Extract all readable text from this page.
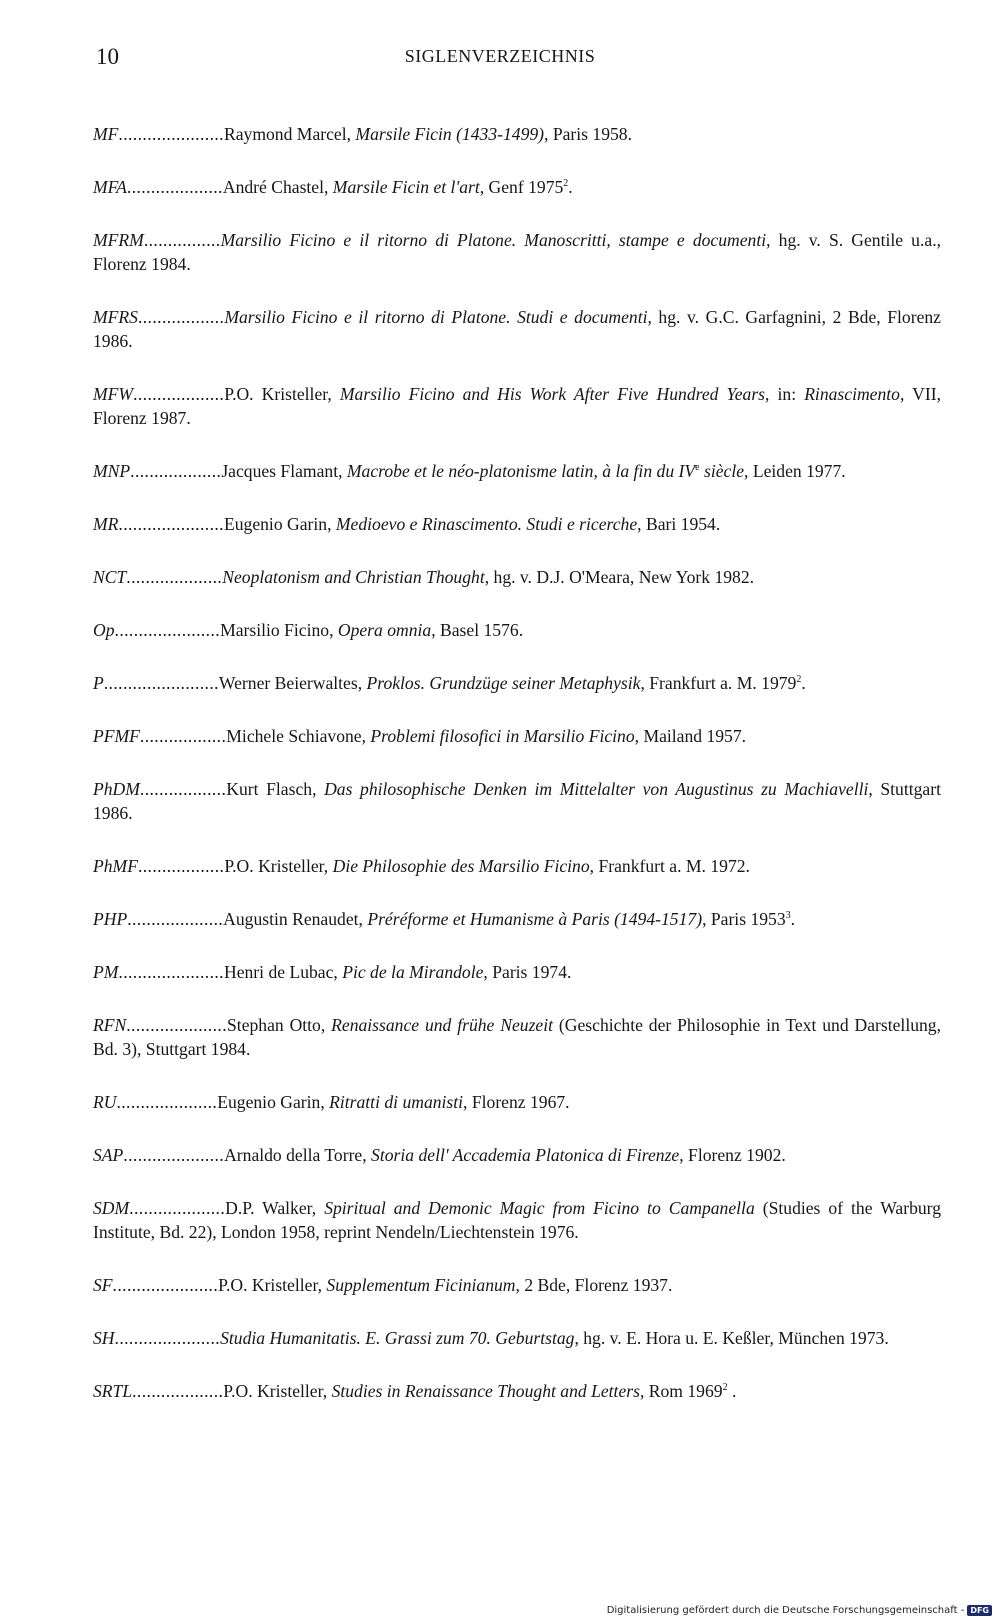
10	SIGLENVERZEICHNIS
MF......................Raymond Marcel, Marsile Ficin (1433-1499), Paris 1958.
MFA....................André Chastel, Marsile Ficin et l'art, Genf 1975$^2$.
MFRM................Marsilio Ficino e il ritorno di Platone. Manoscritti, stampe e documenti, hg. v. S. Gentile u.a., Florenz 1984.
MFRS..................Marsilio Ficino e il ritorno di Platone. Studi e documenti, hg. v. G.C. Garfagnini, 2 Bde, Florenz 1986.
MFW...................P.O. Kristeller, Marsilio Ficino and His Work After Five Hundred Years, in: Rinascimento, VII, Florenz 1987.
MNP...................Jacques Flamant, Macrobe et le néo-platonisme latin, à la fin du IVe siècle, Leiden 1977.
MR......................Eugenio Garin, Medioevo e Rinascimento. Studi e ricerche, Bari 1954.
NCT....................Neoplatonism and Christian Thought, hg. v. D.J. O'Meara, New York 1982.
Op......................Marsilio Ficino, Opera omnia, Basel 1576.
P........................Werner Beierwaltes, Proklos. Grundzüge seiner Metaphysik, Frankfurt a. M. 1979$^2$.
PFMF..................Michele Schiavone, Problemi filosofici in Marsilio Ficino, Mailand 1957.
PhDM..................Kurt Flasch, Das philosophische Denken im Mittelalter von Augustinus zu Machiavelli, Stuttgart 1986.
PhMF..................P.O. Kristeller, Die Philosophie des Marsilio Ficino, Frankfurt a. M. 1972.
PHP....................Augustin Renaudet, Préréforme et Humanisme à Paris (1494-1517), Paris 1953$^3$.
PM......................Henri de Lubac, Pic de la Mirandole, Paris 1974.
RFN.....................Stephan Otto, Renaissance und frühe Neuzeit (Geschichte der Philosophie in Text und Darstellung, Bd. 3), Stuttgart 1984.
RU.....................Eugenio Garin, Ritratti di umanisti, Florenz 1967.
SAP.....................Arnaldo della Torre, Storia dell' Accademia Platonica di Firenze, Florenz 1902.
SDM....................D.P. Walker, Spiritual and Demonic Magic from Ficino to Campanella (Studies of the Warburg Institute, Bd. 22), London 1958, reprint Nendeln/Liechtenstein 1976.
SF......................P.O. Kristeller, Supplementum Ficinianum, 2 Bde, Florenz 1937.
SH......................Studia Humanitatis. E. Grassi zum 70. Geburtstag, hg. v. E. Hora u. E. Keßler, München 1973.
SRTL...................P.O. Kristeller, Studies in Renaissance Thought and Letters, Rom 1969$^2$ .
Digitalisierung gefördert durch die Deutsche Forschungsgemeinschaft - DFG
